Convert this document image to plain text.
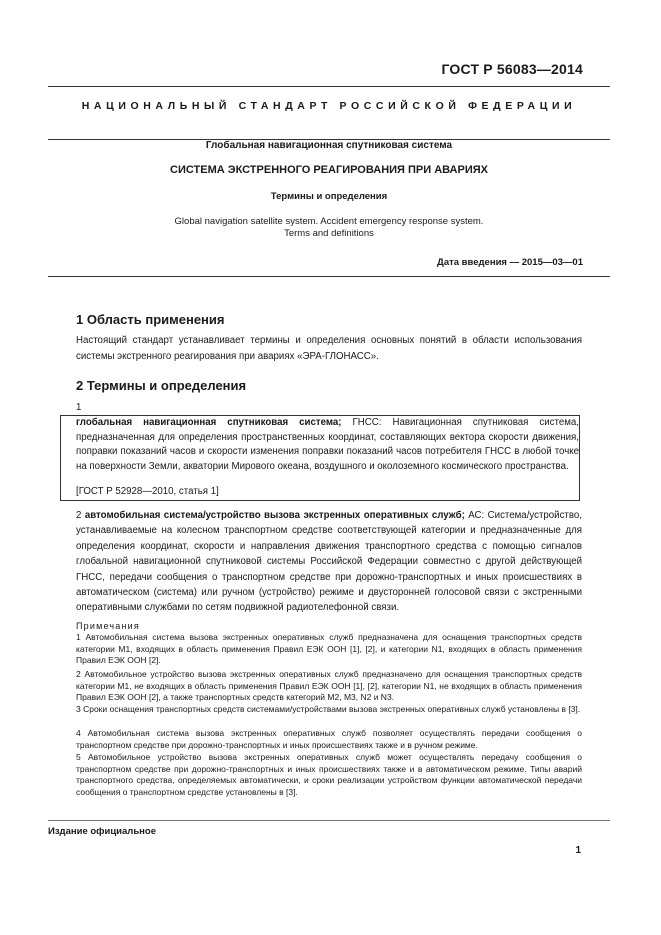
ГОСТ Р 56083—2014
НАЦИОНАЛЬНЫЙ СТАНДАРТ РОССИЙСКОЙ ФЕДЕРАЦИИ
Глобальная навигационная спутниковая система
СИСТЕМА ЭКСТРЕННОГО РЕАГИРОВАНИЯ ПРИ АВАРИЯХ
Термины и определения
Global navigation satellite system. Accident emergency response system.
Terms and definitions
Дата введения — 2015—03—01
1 Область применения
Настоящий стандарт устанавливает термины и определения основных понятий в области использования системы экстренного реагирования при авариях «ЭРА-ГЛОНАСС».
2 Термины и определения
1
глобальная навигационная спутниковая система; ГНСС: Навигационная спутниковая система, предназначенная для определения пространственных координат, составляющих вектора скорости движения, поправки показаний часов и скорости изменения поправки показаний часов потребителя ГНСС в любой точке на поверхности Земли, акватории Мирового океана, воздушного и околоземного космического пространства.
[ГОСТ Р 52928—2010, статья 1]
2 автомобильная система/устройство вызова экстренных оперативных служб; АС: Система/устройство, устанавливаемые на колесном транспортном средстве соответствующей категории и предназначенные для определения координат, скорости и направления движения транспортного средства с помощью сигналов глобальной навигационной спутниковой системы Российской Федерации совместно с другой действующей ГНСС, передачи сообщения о транспортном средстве при дорожно-транспортных и иных происшествиях в автоматическом (система) или ручном (устройство) режиме и двусторонней голосовой связи с экстренными оперативными службами по сетям подвижной радиотелефонной связи.
Примечания
1 Автомобильная система вызова экстренных оперативных служб предназначена для оснащения транспортных средств категории М1, входящих в область применения Правил ЕЭК ООН [1], [2], и категории N1, входящих в область применения Правил ЕЭК ООН [2].
2 Автомобильное устройство вызова экстренных оперативных служб предназначено для оснащения транспортных средств категории М1, не входящих в область применения Правил ЕЭК ООН [1], [2], категории N1, не входящих в область применения Правил ЕЭК ООН [2], а также транспортных средств категорий М2, М3, N2 и N3.
3 Сроки оснащения транспортных средств системами/устройствами вызова экстренных оперативных служб установлены в [3].
4 Автомобильная система вызова экстренных оперативных служб позволяет осуществлять передачи сообщения о транспортном средстве при дорожно-транспортных и иных происшествиях также и в ручном режиме.
5 Автомобильное устройство вызова экстренных оперативных служб может осуществлять передачу сообщения о транспортном средстве при дорожно-транспортных и иных происшествиях также и в автоматическом режиме. Типы аварий транспортного средства, определяемых автоматически, и сроки реализации устройством функции автоматической передачи сообщения о транспортном средстве установлены в [3].
Издание официальное
1
